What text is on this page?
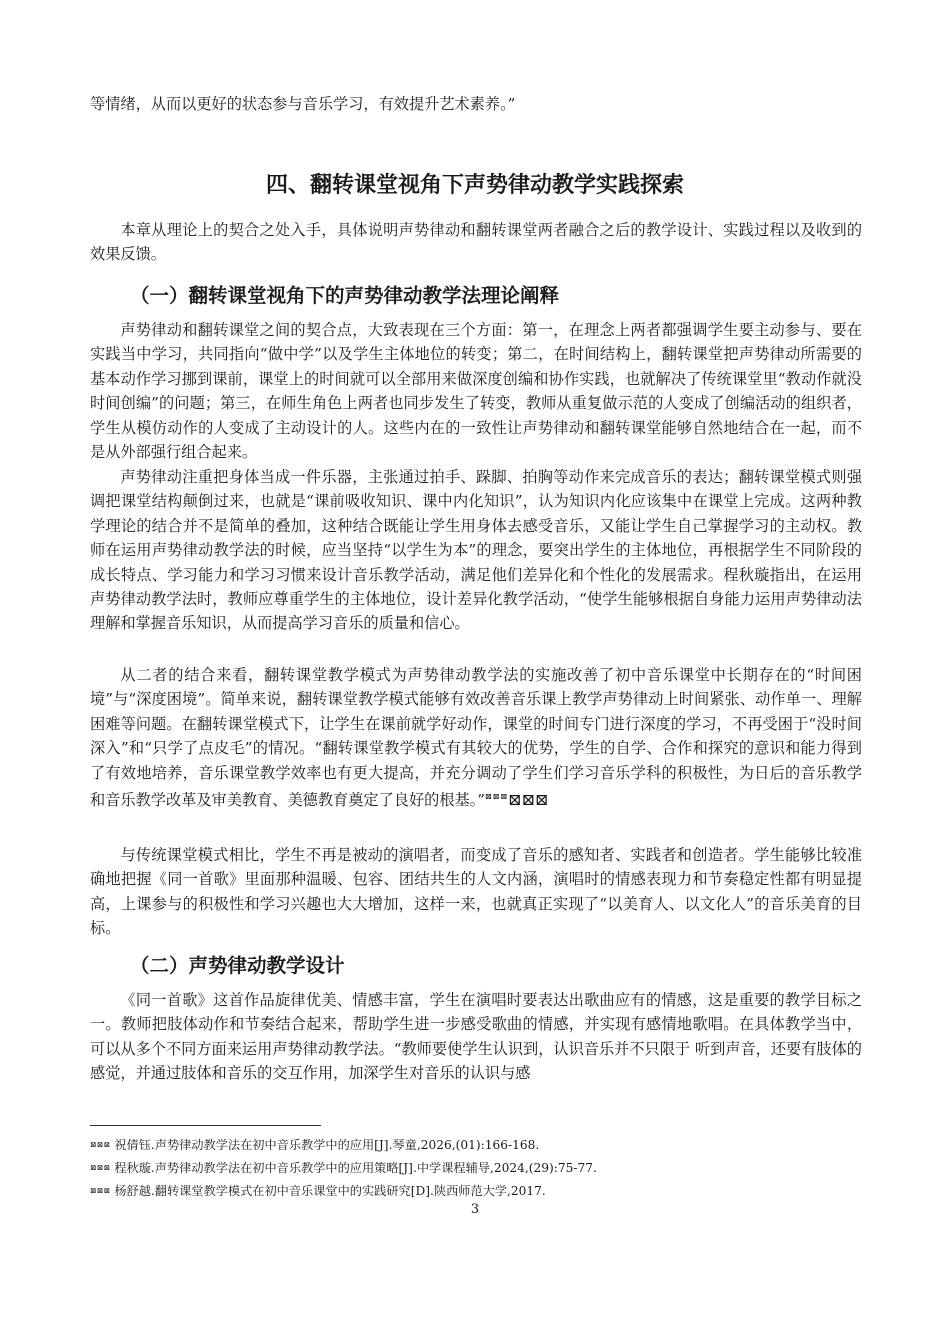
等情绪，从而以更好的状态参与音乐学习，有效提升艺术素养。”

四、翻转课堂视角下声势律动教学实践探索

本章从理论上的契合之处入手，具体说明声势律动和翻转课堂两者融合之后的教学设计、实践过程以及收到的效果反馈。

（一）翻转课堂视角下的声势律动教学法理论阐释

声势律动和翻转课堂之间的契合点，大致表现在三个方面：第一，在理念上两者都强调学生要主动参与、要在实践当中学习，共同指向“做中学”以及学生主体地位的转变；第二，在时间结构上，翻转课堂把声势律动所需要的基本动作学习挪到课前，课堂上的时间就可以全部用来做深度创编和协作实践，也就解决了传统课堂里“教动作就没时间创编”的问题；第三，在师生角色上两者也同步发生了转变，教师从重复做示范的人变成了创编活动的组织者，学生从模仿动作的人变成了主动设计的人。这些内在的一致性让声势律动和翻转课堂能够自然地结合在一起，而不是从外部强行组合起来。

声势律动注重把身体当成一件乐器，主张通过拍手、跺脚、拍胸等动作来完成音乐的表达；翻转课堂模式则强调把课堂结构颠倒过来，也就是“课前吸收知识、课中内化知识”，认为知识内化应该集中在课堂上完成。这两种教学理论的结合并不是简单的叠加，这种结合既能让学生用身体去感受音乐，又能让学生自己掌握学习的主动权。教师在运用声势律动教学法的时候，应当坚持“以学生为本”的理念，要突出学生的主体地位，再根据学生不同阶段的成长特点、学习能力和学习习惯来设计音乐教学活动，满足他们差异化和个性化的发展需求。程秋璇指出，在运用声势律动教学法时，教师应尊重学生的主体地位，设计差异化教学活动，“使学生能够根据自身能力运用声势律动法理解和掌握音乐知识，从而提高学习音乐的质量和信心。

从二者的结合来看，翻转课堂教学模式为声势律动教学法的实施改善了初中音乐课堂中长期存在的“时间困境”与“深度困境”。简单来说，翻转课堂教学模式能够有效改善音乐课上教学声势律动上时间紧张、动作单一、理解困难等问题。在翻转课堂模式下，让学生在课前就学好动作，课堂的时间专门进行深度的学习，不再受困于“没时间深入”和“只学了点皮毛”的情况。“翻转课堂教学模式有其较大的优势，学生的自学、合作和探究的意识和能力得到了有效地培养，音乐课堂教学效率也有更大提高，并充分调动了学生们学习音乐学科的积极性，为日后的音乐教学和音乐教学改革及审美教育、美德教育奠定了良好的根基。”⊠⊠⊠⊠⊠⊠

与传统课堂模式相比，学生不再是被动的演唱者，而变成了音乐的感知者、实践者和创造者。学生能够比较准确地把握《同一首歌》里面那种温暖、包容、团结共生的人文内涵，演唱时的情感表现力和节奏稳定性都有明显提高，上课参与的积极性和学习兴趣也大大增加，这样一来，也就真正实现了“以美育人、以文化人”的音乐美育的目标。

（二）声势律动教学设计

《同一首歌》这首作品旋律优美、情感丰富，学生在演唱时要表达出歌曲应有的情感，这是重要的教学目标之一。教师把肢体动作和节奏结合起来，帮助学生进一步感受歌曲的情感，并实现有感情地歌唱。在具体教学当中，可以从多个不同方面来运用声势律动教学法。“教师要使学生认识到，认识音乐并不只限于 听到声音，还要有肢体的感觉，并通过肢体和音乐的交互作用，加深学生对音乐的认识与感

⊠⊠⊠ 祝倩钰.声势律动教学法在初中音乐教学中的应用[J].琴童,2026,(01):166-168.

⊠⊠⊠ 程秋璇.声势律动教学法在初中音乐教学中的应用策略[J].中学课程辅导,2024,(29):75-77.

⊠⊠⊠ 杨舒越.翻转课堂教学模式在初中音乐课堂中的实践研究[D].陕西师范大学,2017.

3
